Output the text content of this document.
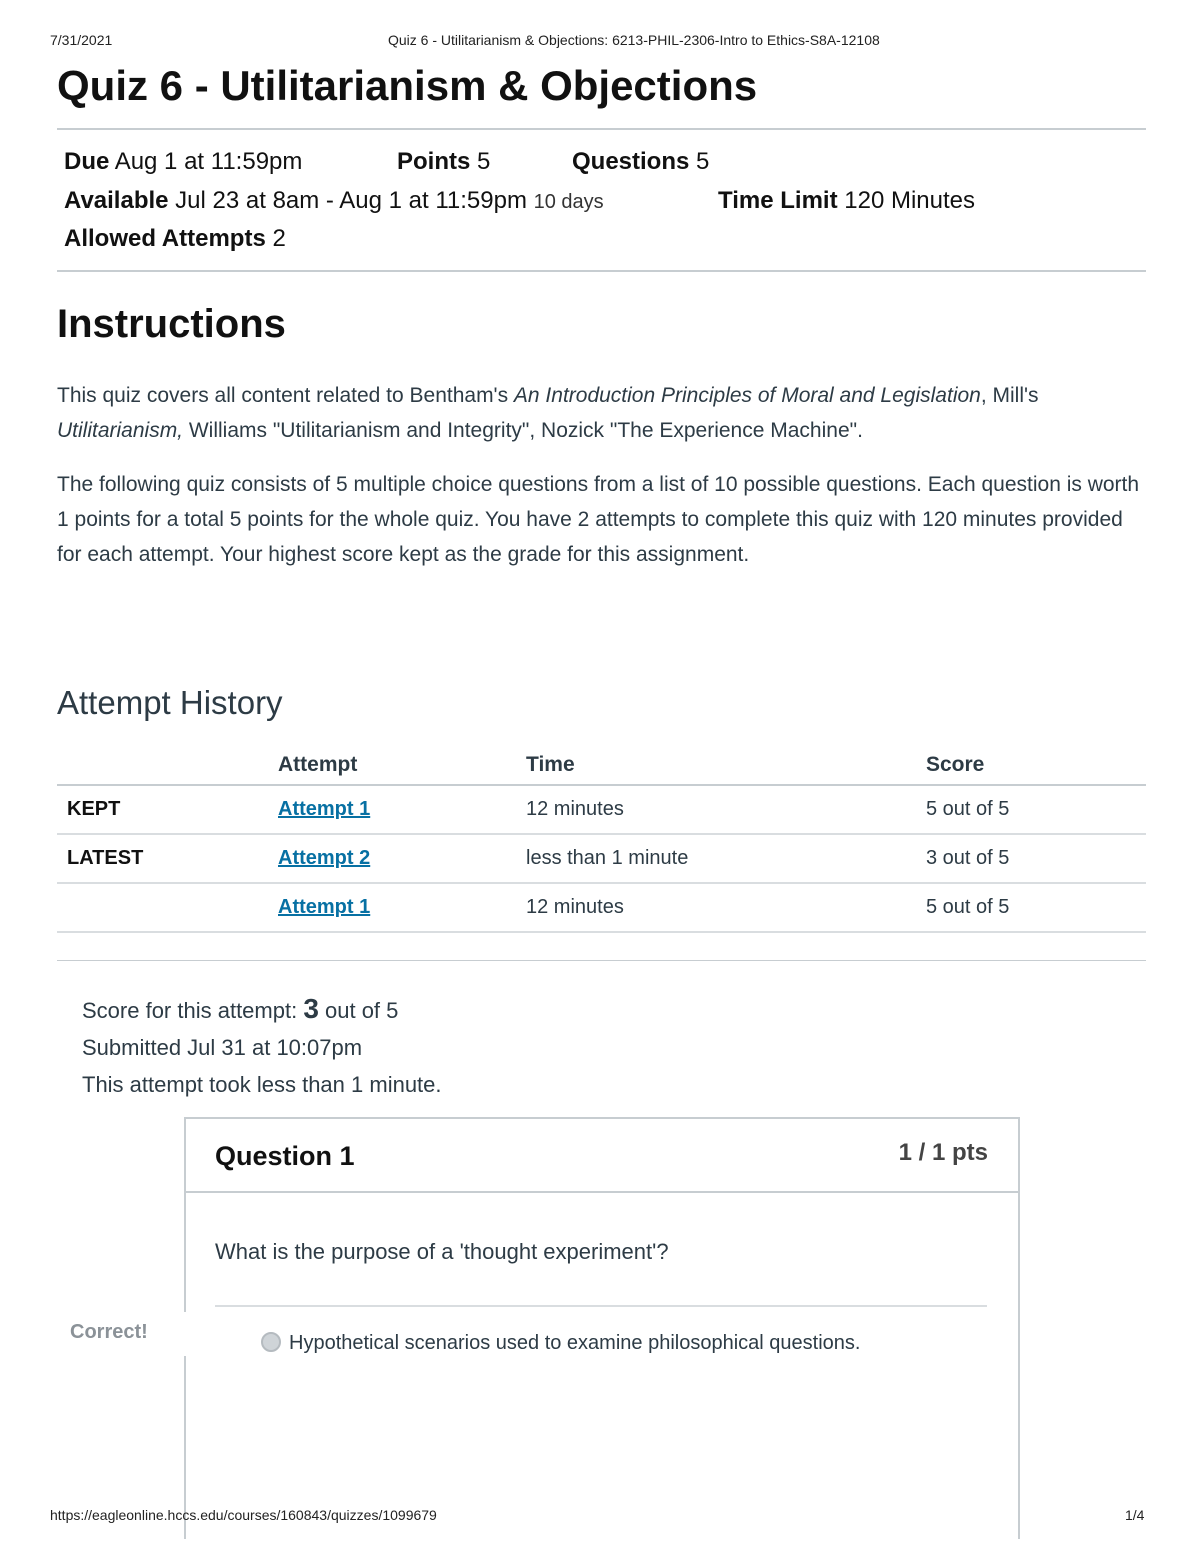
7/31/2021	Quiz 6 - Utilitarianism & Objections: 6213-PHIL-2306-Intro to Ethics-S8A-12108
Quiz 6 - Utilitarianism & Objections
Due Aug 1 at 11:59pm	Points 5	Questions 5
Available Jul 23 at 8am - Aug 1 at 11:59pm 10 days	Time Limit 120 Minutes
Allowed Attempts 2
Instructions

This quiz covers all content related to Bentham's An Introduction Principles of Moral and Legislation, Mill's Utilitarianism, Williams "Utilitarianism and Integrity", Nozick "The Experience Machine".

The following quiz consists of 5 multiple choice questions from a list of 10 possible questions. Each question is worth 1 points for a total 5 points for the whole quiz. You have 2 attempts to complete this quiz with 120 minutes provided for each attempt. Your highest score kept as the grade for this assignment.

Attempt History
	Attempt	Time	Score
KEPT	Attempt 1	12 minutes	5 out of 5
LATEST	Attempt 2	less than 1 minute	3 out of 5
	Attempt 1	12 minutes	5 out of 5
Score for this attempt: 3 out of 5
Submitted Jul 31 at 10:07pm
This attempt took less than 1 minute.
Question 1	1 / 1 pts
What is the purpose of a 'thought experiment'?
Hypothetical scenarios used to examine philosophical questions.
Correct!
https://eagleonline.hccs.edu/courses/160843/quizzes/1099679	1/4
